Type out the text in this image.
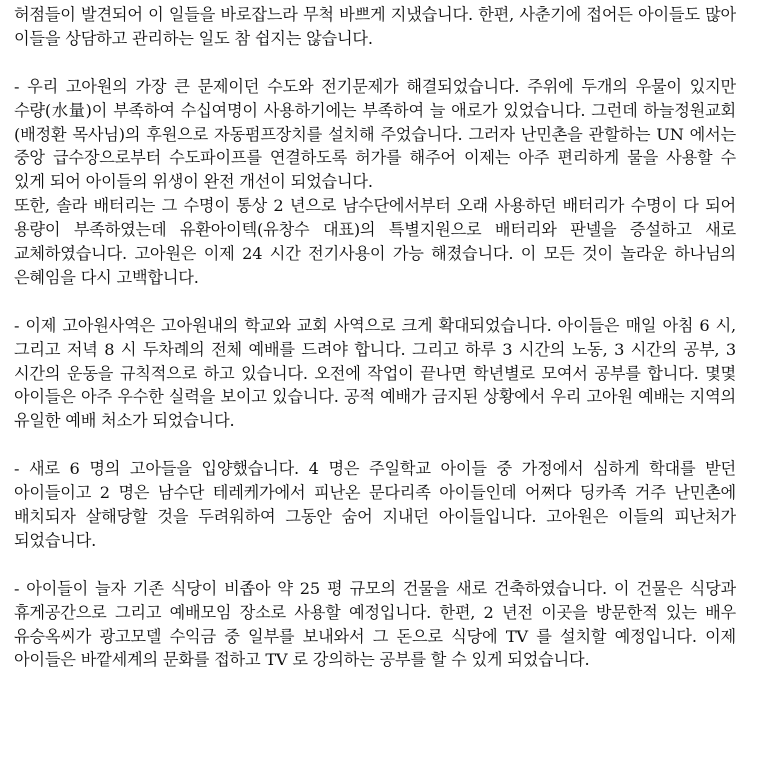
허점들이 발견되어 이 일들을 바로잡느라 무척 바쁘게 지냈습니다. 한편, 사춘기에 접어든 아이들도 많아 이들을 상담하고 관리하는 일도 참 쉽지는 않습니다.

- 우리 고아원의 가장 큰 문제이던 수도와 전기문제가 해결되었습니다. 주위에 두개의 우물이 있지만 수량(水量)이 부족하여 수십여명이 사용하기에는 부족하여 늘 애로가 있었습니다. 그런데 하늘정원교회(배정환 목사님)의 후원으로 자동펌프장치를 설치해 주었습니다. 그러자 난민촌을 관할하는 UN 에서는 중앙 급수장으로부터 수도파이프를 연결하도록 허가를 해주어 이제는 아주 편리하게 물을 사용할 수 있게 되어 아이들의 위생이 완전 개선이 되었습니다.

또한, 솔라 배터리는 그 수명이 통상 2 년으로 남수단에서부터 오래 사용하던 배터리가 수명이 다 되어 용량이 부족하였는데 유환아이텍(유창수 대표)의 특별지원으로 배터리와 판넬을 증설하고 새로 교체하였습니다. 고아원은 이제 24 시간 전기사용이 가능 해졌습니다. 이 모든 것이 놀라운 하나님의 은혜임을 다시 고백합니다.

- 이제 고아원사역은 고아원내의 학교와 교회 사역으로 크게 확대되었습니다. 아이들은 매일 아침 6 시, 그리고 저녁 8 시 두차례의 전체 예배를 드려야 합니다. 그리고 하루 3 시간의 노동, 3 시간의 공부, 3 시간의 운동을 규칙적으로 하고 있습니다. 오전에 작업이 끝나면 학년별로 모여서 공부를 합니다. 몇몇 아이들은 아주 우수한 실력을 보이고 있습니다. 공적 예배가 금지된 상황에서 우리 고아원 예배는 지역의 유일한 예배 처소가 되었습니다.

- 새로 6 명의 고아들을 입양했습니다. 4 명은 주일학교 아이들 중 가정에서 심하게 학대를 받던 아이들이고 2 명은 남수단 테레케가에서 피난온 문다리족 아이들인데 어쩌다 딩카족 거주 난민촌에 배치되자 살해당할 것을 두려워하여 그동안 숨어 지내던 아이들입니다. 고아원은 이들의 피난처가 되었습니다.

- 아이들이 늘자 기존 식당이 비좁아 약 25 평 규모의 건물을 새로 건축하였습니다. 이 건물은 식당과 휴게공간으로 그리고 예배모임 장소로 사용할 예정입니다. 한편, 2 년전 이곳을 방문한적 있는 배우 유승옥씨가 광고모델 수익금 중 일부를 보내와서 그 돈으로 식당에 TV 를 설치할 예정입니다. 이제 아이들은 바깥세계의 문화를 접하고 TV 로 강의하는 공부를 할 수 있게 되었습니다.
